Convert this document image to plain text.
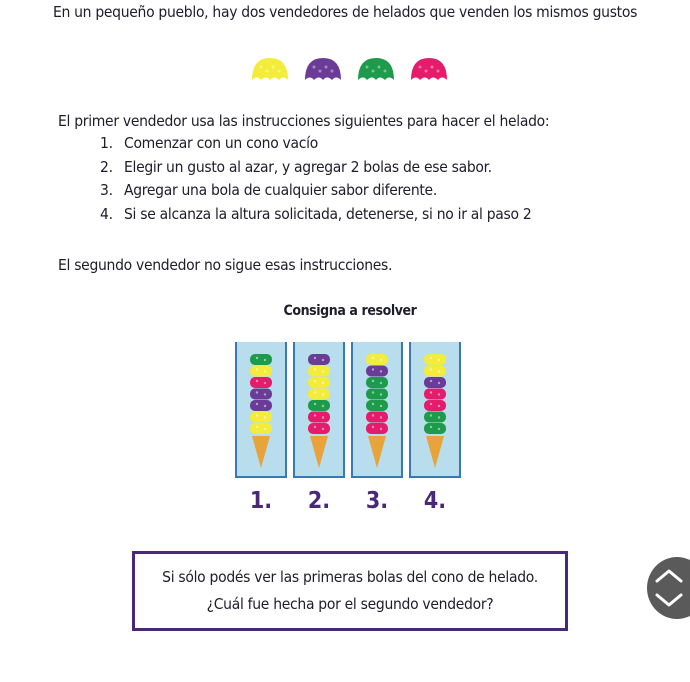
En un pequeño pueblo, hay dos vendedores de helados que venden los mismos gustos
El primer vendedor usa las instrucciones siguientes para hacer el helado:
1. Comenzar con un cono vacío
2. Elegir un gusto al azar, y agregar 2 bolas de ese sabor.
3. Agregar una bola de cualquier sabor diferente.
4. Si se alcanza la altura solicitada, detenerse, si no ir al paso 2
El segundo vendedor no sigue esas instrucciones.
Consigna a resolver
1.	2.	3.	4.
Si sólo podés ver las primeras bolas del cono de helado.
¿Cuál fue hecha por el segundo vendedor?
